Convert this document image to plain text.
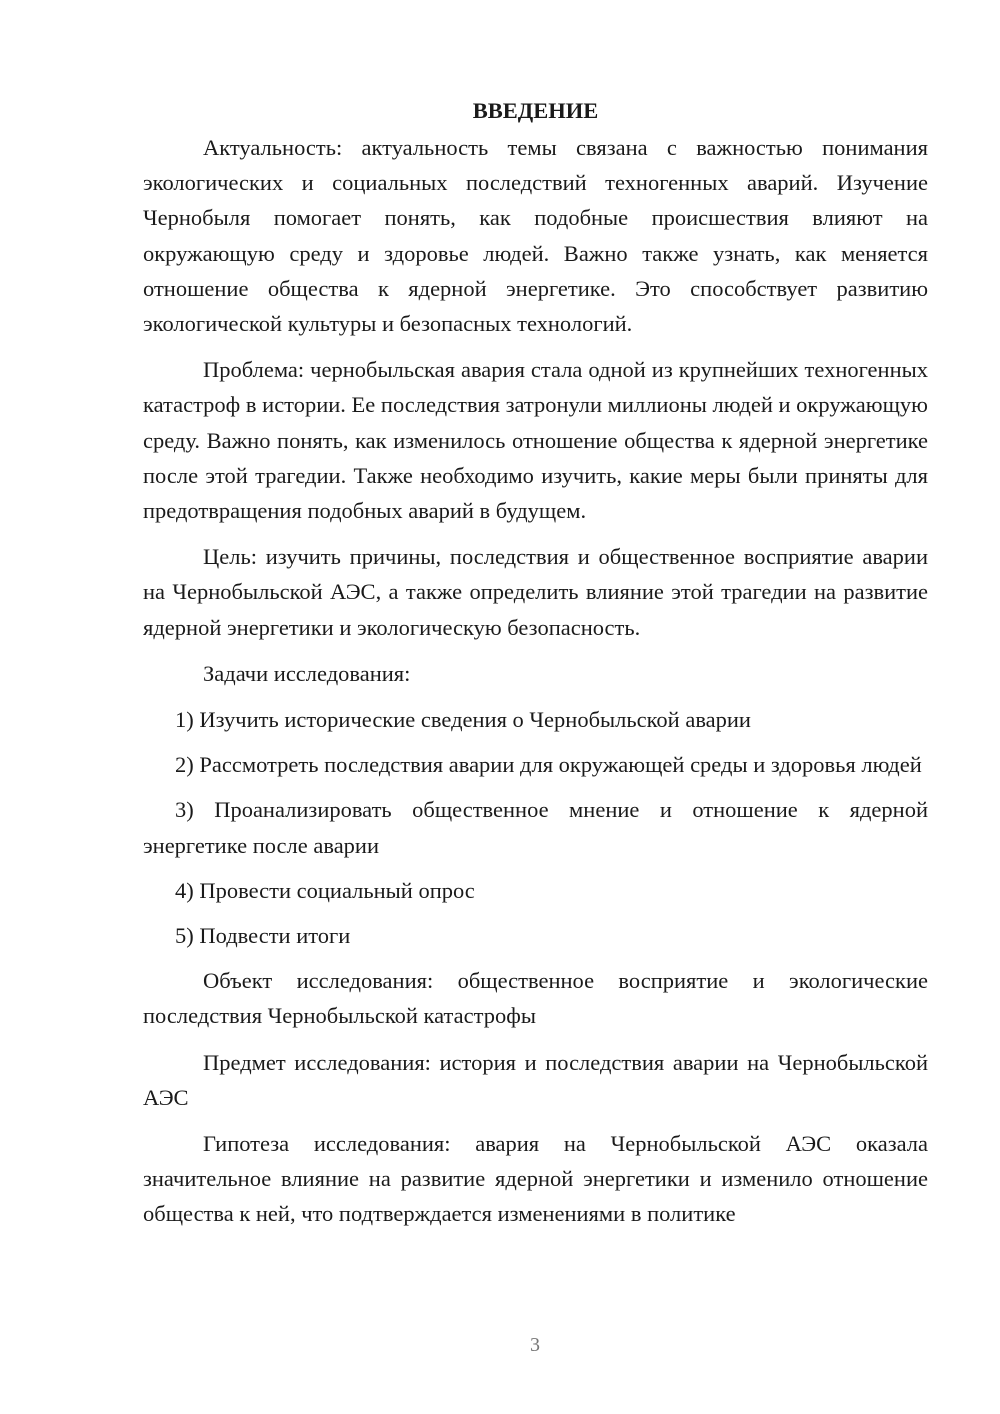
ВВЕДЕНИЕ

Актуальность: актуальность темы связана с важностью понимания экологических и социальных последствий техногенных аварий. Изучение Чернобыля помогает понять, как подобные происшествия влияют на окружающую среду и здоровье людей. Важно также узнать, как меняется отношение общества к ядерной энергетике. Это способствует развитию экологической культуры и безопасных технологий.

Проблема: чернобыльская авария стала одной из крупнейших техногенных катастроф в истории. Ее последствия затронули миллионы людей и окружающую среду. Важно понять, как изменилось отношение общества к ядерной энергетике после этой трагедии. Также необходимо изучить, какие меры были приняты для предотвращения подобных аварий в будущем.

Цель: изучить причины, последствия и общественное восприятие аварии на Чернобыльской АЭС, а также определить влияние этой трагедии на развитие ядерной энергетики и экологическую безопасность.

Задачи исследования:

1) Изучить исторические сведения о Чернобыльской аварии

2) Рассмотреть последствия аварии для окружающей среды и здоровья людей

3) Проанализировать общественное мнение и отношение к ядерной энергетике после аварии

4) Провести социальный опрос

5) Подвести итоги

Объект исследования: общественное восприятие и экологические последствия Чернобыльской катастрофы

Предмет исследования: история и последствия аварии на Чернобыльской АЭС

Гипотеза исследования: авария на Чернобыльской АЭС оказала значительное влияние на развитие ядерной энергетики и изменило отношение общества к ней, что подтверждается изменениями в политике

3
